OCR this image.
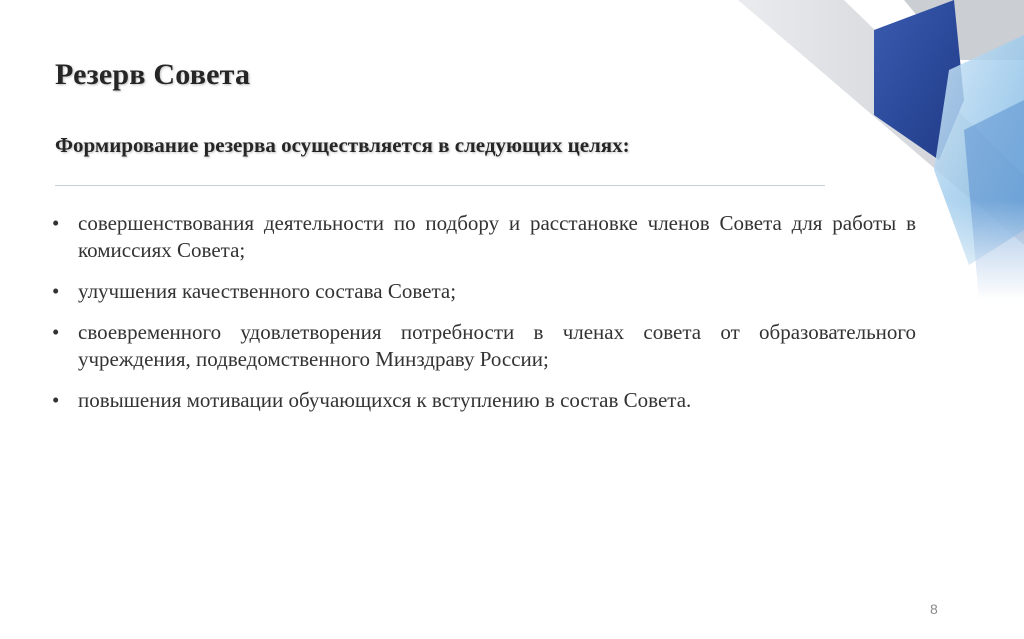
Резерв Совета
Формирование резерва осуществляется в следующих целях:
• совершенствования деятельности по подбору и расстановке членов Совета для работы в комиссиях Совета;
• улучшения качественного состава Совета;
• своевременного удовлетворения потребности в членах совета от образовательного учреждения, подведомственного Минздраву России;
• повышения мотивации обучающихся к вступлению в состав Совета.
8
